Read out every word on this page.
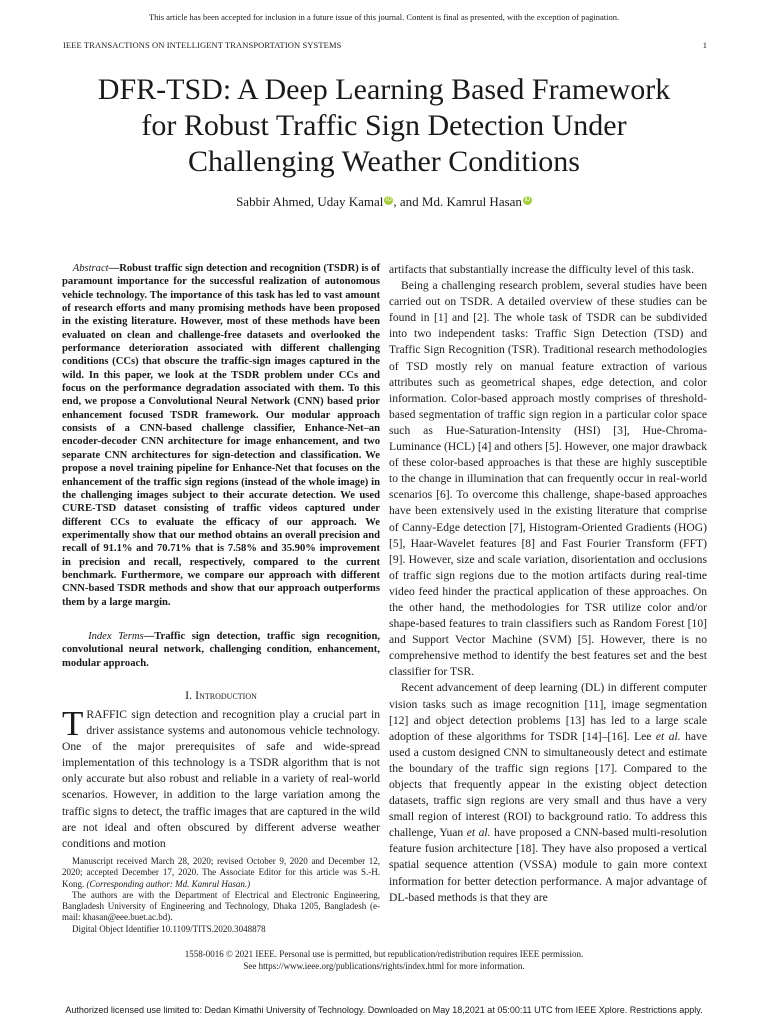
This article has been accepted for inclusion in a future issue of this journal. Content is final as presented, with the exception of pagination.
IEEE TRANSACTIONS ON INTELLIGENT TRANSPORTATION SYSTEMS	1
DFR-TSD: A Deep Learning Based Framework
for Robust Traffic Sign Detection Under
Challenging Weather Conditions
Sabbir Ahmed, Uday Kamal iD , and Md. Kamrul Hasan iD
Abstract—Robust traffic sign detection and recognition (TSDR) is of paramount importance for the successful realization of autonomous vehicle technology. The importance of this task has led to vast amount of research efforts and many promising methods have been proposed in the existing literature. However, most of these methods have been evaluated on clean and challenge-free datasets and overlooked the performance deterioration associated with different challenging conditions (CCs) that obscure the traffic-sign images captured in the wild. In this paper, we look at the TSDR problem under CCs and focus on the performance degradation associated with them. To this end, we propose a Convolutional Neural Network (CNN) based prior enhancement focused TSDR framework. Our modular approach consists of a CNN-based challenge classifier, Enhance-Net–an encoder-decoder CNN architecture for image enhancement, and two separate CNN architectures for sign-detection and classification. We propose a novel training pipeline for Enhance-Net that focuses on the enhancement of the traffic sign regions (instead of the whole image) in the challenging images subject to their accurate detection. We used CURE-TSD dataset consisting of traffic videos captured under different CCs to evaluate the efficacy of our approach. We experimentally show that our method obtains an overall precision and recall of 91.1% and 70.71% that is 7.58% and 35.90% improvement in precision and recall, respectively, compared to the current benchmark. Furthermore, we compare our approach with different CNN-based TSDR methods and show that our approach outperforms them by a large margin.
Index Terms—Traffic sign detection, traffic sign recognition, convolutional neural network, challenging condition, enhancement, modular approach.
I. Introduction
TRAFFIC sign detection and recognition play a crucial part in driver assistance systems and autonomous vehicle technology. One of the major prerequisites of safe and wide-spread implementation of this technology is a TSDR algorithm that is not only accurate but also robust and reliable in a variety of real-world scenarios. However, in addition to the large variation among the traffic signs to detect, the traffic images that are captured in the wild are not ideal and often obscured by different adverse weather conditions and motion

Manuscript received March 28, 2020; revised October 9, 2020 and December 12, 2020; accepted December 17, 2020. The Associate Editor for this article was S.-H. Kong. (Corresponding author: Md. Kamrul Hasan.)

The authors are with the Department of Electrical and Electronic Engineering, Bangladesh University of Engineering and Technology, Dhaka 1205, Bangladesh (e-mail: khasan@eee.buet.ac.bd).

Digital Object Identifier 10.1109/TITS.2020.3048878

artifacts that substantially increase the difficulty level of this task.

Being a challenging research problem, several studies have been carried out on TSDR. A detailed overview of these studies can be found in [1] and [2]. The whole task of TSDR can be subdivided into two independent tasks: Traffic Sign Detection (TSD) and Traffic Sign Recognition (TSR). Traditional research methodologies of TSD mostly rely on manual feature extraction of various attributes such as geometrical shapes, edge detection, and color information. Color-based approach mostly comprises of threshold-based segmentation of traffic sign region in a particular color space such as Hue-Saturation-Intensity (HSI) [3], Hue-Chroma-Luminance (HCL) [4] and others [5]. However, one major drawback of these color-based approaches is that these are highly susceptible to the change in illumination that can frequently occur in real-world scenarios [6]. To overcome this challenge, shape-based approaches have been extensively used in the existing literature that comprise of Canny-Edge detection [7], Histogram-Oriented Gradients (HOG) [5], Haar-Wavelet features [8] and Fast Fourier Transform (FFT) [9]. However, size and scale variation, disorientation and occlusions of traffic sign regions due to the motion artifacts during real-time video feed hinder the practical application of these approaches. On the other hand, the methodologies for TSR utilize color and/or shape-based features to train classifiers such as Random Forest [10] and Support Vector Machine (SVM) [5]. However, there is no comprehensive method to identify the best features set and the best classifier for TSR.

Recent advancement of deep learning (DL) in different computer vision tasks such as image recognition [11], image segmentation [12] and object detection problems [13] has led to a large scale adoption of these algorithms for TSDR [14]–[16]. Lee et al. have used a custom designed CNN to simultaneously detect and estimate the boundary of the traffic sign regions [17]. Compared to the objects that frequently appear in the existing object detection datasets, traffic sign regions are very small and thus have a very small region of interest (ROI) to background ratio. To address this challenge, Yuan et al. have proposed a CNN-based multi-resolution feature fusion architecture [18]. They have also proposed a vertical spatial sequence attention (VSSA) module to gain more context information for better detection performance. A major advantage of DL-based methods is that they are

1558-0016 © 2021 IEEE. Personal use is permitted, but republication/redistribution requires IEEE permission.
See https://www.ieee.org/publications/rights/index.html for more information.
Authorized licensed use limited to: Dedan Kimathi University of Technology. Downloaded on May 18,2021 at 05:00:11 UTC from IEEE Xplore. Restrictions apply.
